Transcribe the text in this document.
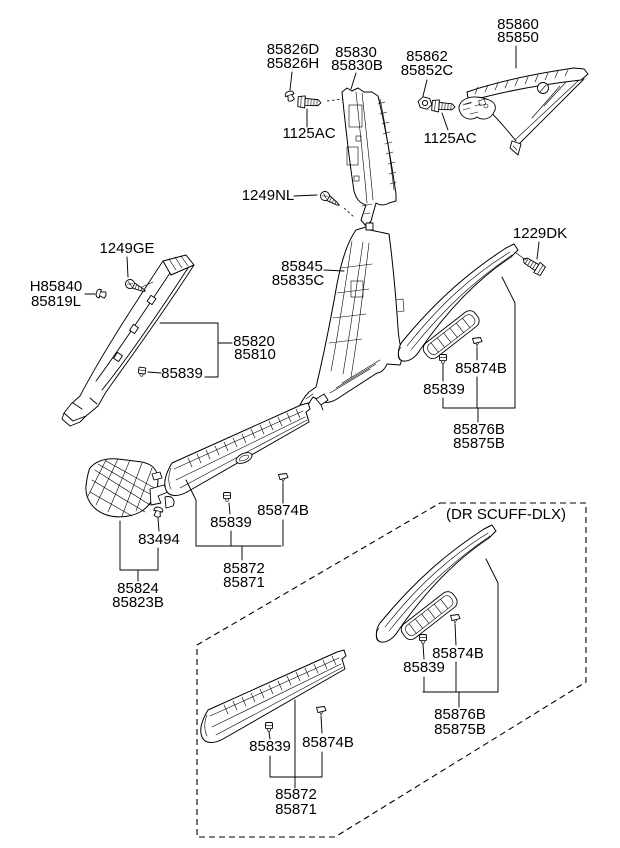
85826D
85826H
85830
85830B
85862
85852C
85860
85850
1125AC	1125AC
1249NL
1229DK
1249GE
H85840
85819L
85845
85835C
85820
85810
85839	85874B
85839
85876B
85875B
83494
85874B
85839
85824
85823B
85872
85871
(DR SCUFF-DLX)
85874B
85839
85876B
85875B
85839 85874B
85872
85871
